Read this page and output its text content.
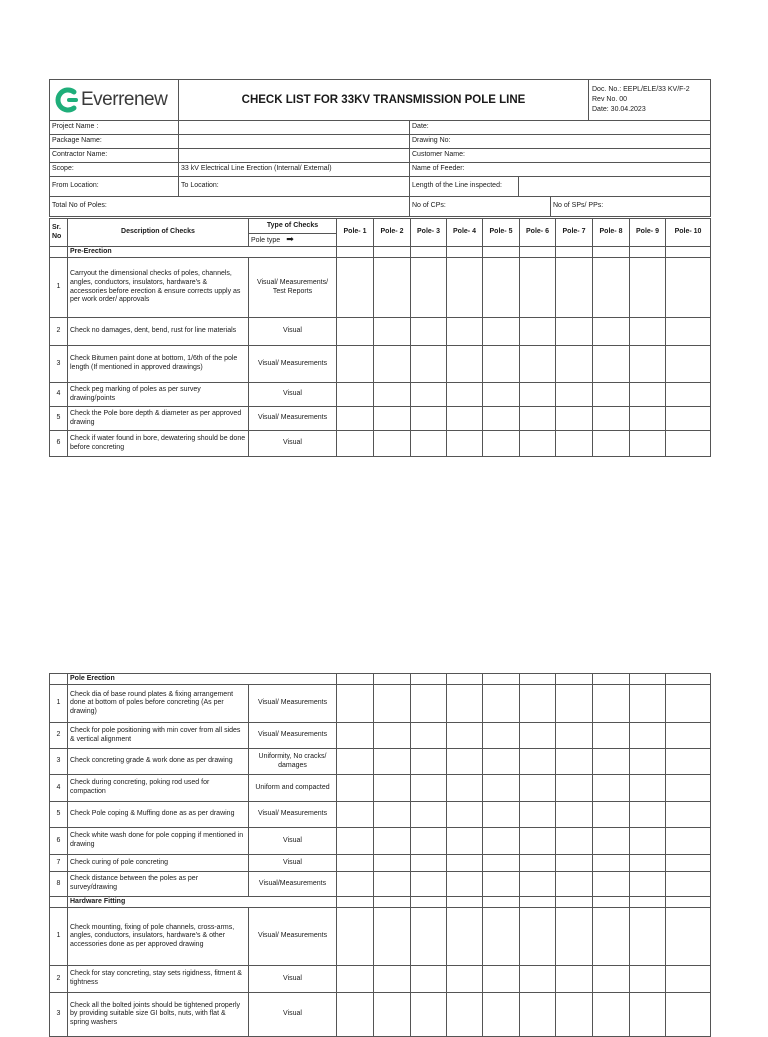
Everrenew	CHECK LIST FOR 33KV TRANSMISSION POLE LINE	
Doc. No.: EEPL/ELE/33 KV/F-2
Rev No. 00
Date: 30.04.2023
Project Name :		Date:		
Package Name:		Drawing No:		
Contractor Name:		Customer Name:		
Scope:	33 kV Electrical Line Erection (Internal/ External)	Name of Feeder:		
From Location:	To Location:	Length of the Line inspected:		
Total No of Poles:		No of CPs:		No of SPs/ PPs:
Sr. No	Description of Checks	Type of Checks	Pole- 1	Pole- 2	Pole- 3	Pole- 4	Pole- 5	Pole- 6	Pole- 7	Pole- 8	Pole- 9	Pole- 10
		Pole type ➡										
	Pre-Erection											
1	Carryout the dimensional checks of poles, channels, angles, conductors, insulators, hardware's & accessories before erection & ensure corrects upply as per work order/ approvals	Visual/ Measurements/ Test Reports										
2	Check no damages, dent, bend, rust for line materials	Visual										
3	Check Bitumen paint done at bottom, 1/6th of the pole length (If mentioned in approved drawings)	Visual/ Measurements										
4	Check peg marking of poles as per survey drawing/points	Visual										
5	Check the Pole bore depth & diameter as per approved drawing	Visual/ Measurements										
6	Check if water found in bore, dewatering should be done before concreting	Visual										
	Pole Erection											
1	Check dia of base round plates & fixing arrangement done at bottom of poles before concreting (As per drawing)	Visual/ Measurements										
2	Check for pole positioning with min cover from all sides & vertical alignment	Visual/ Measurements										
3	Check concreting grade & work done as per drawing	Uniformity, No cracks/ damages										
4	Check during concreting, poking rod used for compaction	Uniform and compacted										
5	Check Pole coping & Muffing done as as per drawing	Visual/ Measurements										
6	Check white wash done for pole copping if mentioned in drawing	Visual										
7	Check curing of pole concreting	Visual										
8	Check distance between the poles as per survey/drawing	Visual/Measurements										
	Hardware Fitting											
1	Check mounting, fixing of pole channels, cross-arms, angles, conductors, insulators, hardware's & other accessories done as per approved drawing	Visual/ Measurements										
2	Check for stay concreting, stay sets rigidness, fitment & tightness	Visual										
3	Check all the bolted joints should be tightened properly by providing suitable size GI bolts, nuts, with flat & spring washers	Visual										
